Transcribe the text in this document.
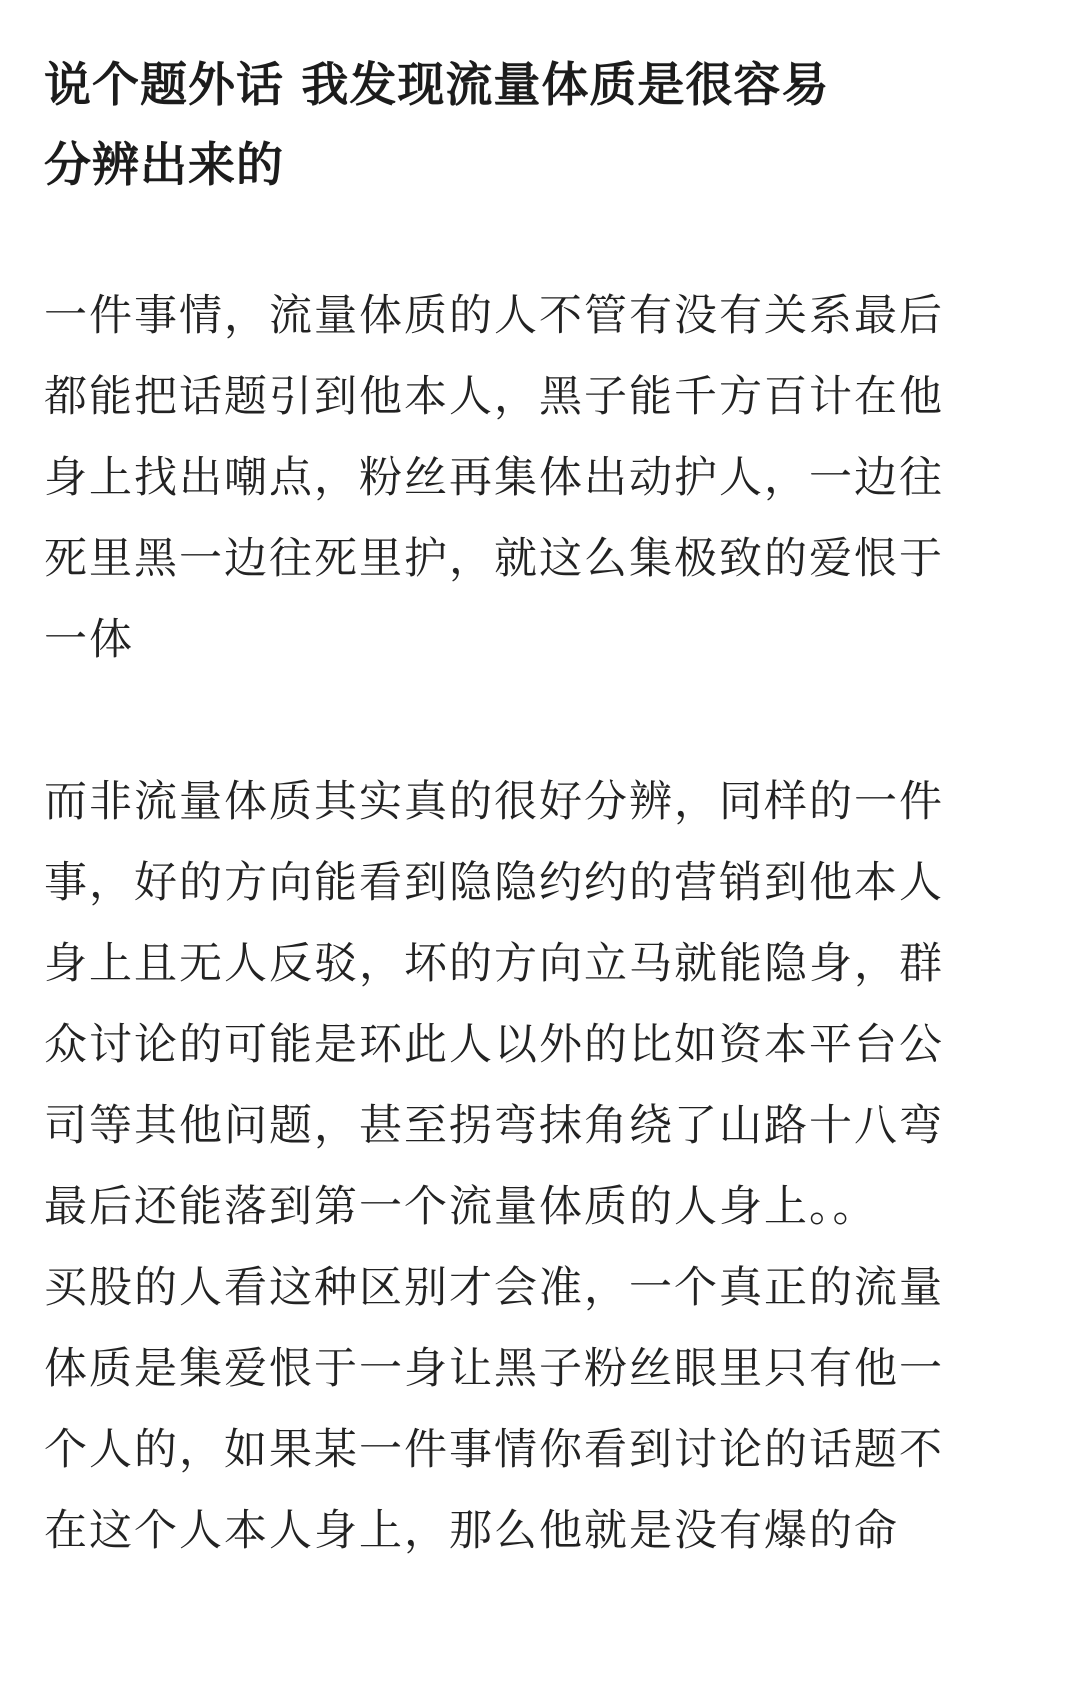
说个题外话 我发现流量体质是很容易
分辨出来的
一件事情，流量体质的人不管有没有关系最后
都能把话题引到他本人，黑子能千方百计在他
身上找出嘲点，粉丝再集体出动护人，一边往
死里黑一边往死里护，就这么集极致的爱恨于
一体
而非流量体质其实真的很好分辨，同样的一件
事，好的方向能看到隐隐约约的营销到他本人
身上且无人反驳，坏的方向立马就能隐身，群
众讨论的可能是环此人以外的比如资本平台公
司等其他问题，甚至拐弯抹角绕了山路十八弯
最后还能落到第一个流量体质的人身上。。
买股的人看这种区别才会准，一个真正的流量
体质是集爱恨于一身让黑子粉丝眼里只有他一
个人的，如果某一件事情你看到讨论的话题不
在这个人本人身上，那么他就是没有爆的命
